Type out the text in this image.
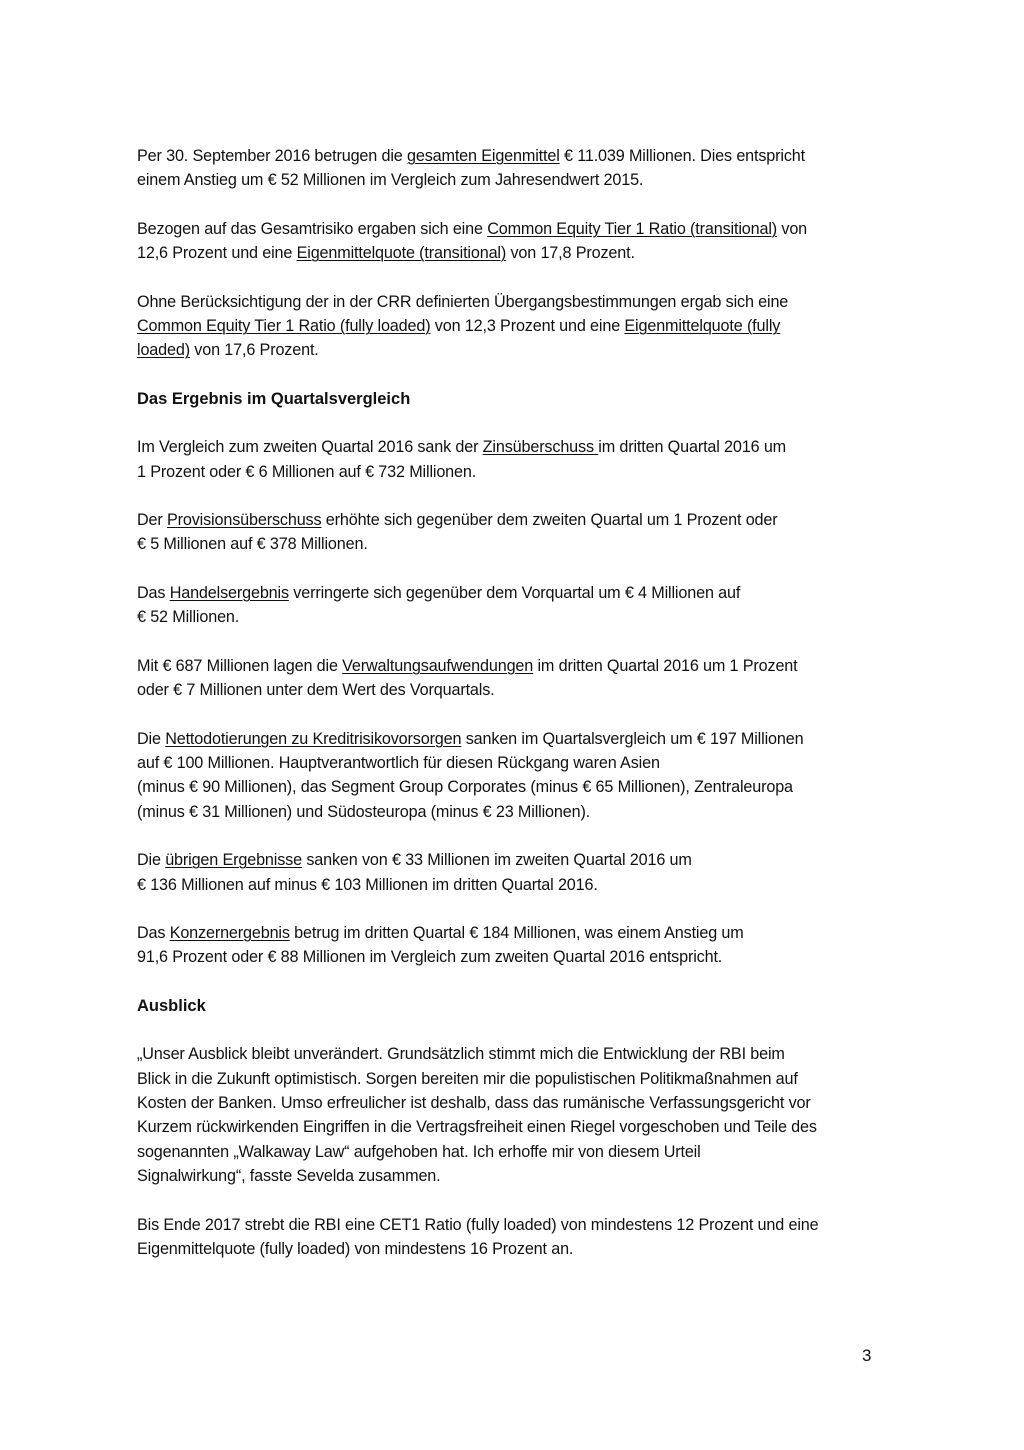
Per 30. September 2016 betrugen die gesamten Eigenmittel € 11.039 Millionen. Dies entspricht
einem Anstieg um € 52 Millionen im Vergleich zum Jahresendwert 2015.

Bezogen auf das Gesamtrisiko ergaben sich eine Common Equity Tier 1 Ratio (transitional) von
12,6 Prozent und eine Eigenmittelquote (transitional) von 17,8 Prozent.

Ohne Berücksichtigung der in der CRR definierten Übergangsbestimmungen ergab sich eine
Common Equity Tier 1 Ratio (fully loaded) von 12,3 Prozent und eine Eigenmittelquote (fully
loaded) von 17,6 Prozent.

Das Ergebnis im Quartalsvergleich

Im Vergleich zum zweiten Quartal 2016 sank der Zinsüberschuss im dritten Quartal 2016 um
1 Prozent oder € 6 Millionen auf € 732 Millionen.

Der Provisionsüberschuss erhöhte sich gegenüber dem zweiten Quartal um 1 Prozent oder
€ 5 Millionen auf € 378 Millionen.

Das Handelsergebnis verringerte sich gegenüber dem Vorquartal um € 4 Millionen auf
€ 52 Millionen.

Mit € 687 Millionen lagen die Verwaltungsaufwendungen im dritten Quartal 2016 um 1 Prozent
oder € 7 Millionen unter dem Wert des Vorquartals.

Die Nettodotierungen zu Kreditrisikovorsorgen sanken im Quartalsvergleich um € 197 Millionen
auf € 100 Millionen. Hauptverantwortlich für diesen Rückgang waren Asien
(minus € 90 Millionen), das Segment Group Corporates (minus € 65 Millionen), Zentraleuropa
(minus € 31 Millionen) und Südosteuropa (minus € 23 Millionen).

Die übrigen Ergebnisse sanken von € 33 Millionen im zweiten Quartal 2016 um
€ 136 Millionen auf minus € 103 Millionen im dritten Quartal 2016.

Das Konzernergebnis betrug im dritten Quartal € 184 Millionen, was einem Anstieg um
91,6 Prozent oder € 88 Millionen im Vergleich zum zweiten Quartal 2016 entspricht.

Ausblick

„Unser Ausblick bleibt unverändert. Grundsätzlich stimmt mich die Entwicklung der RBI beim
Blick in die Zukunft optimistisch. Sorgen bereiten mir die populistischen Politikmaßnahmen auf
Kosten der Banken. Umso erfreulicher ist deshalb, dass das rumänische Verfassungsgericht vor
Kurzem rückwirkenden Eingriffen in die Vertragsfreiheit einen Riegel vorgeschoben und Teile des
sogenannten „Walkaway Law“ aufgehoben hat. Ich erhoffe mir von diesem Urteil
Signalwirkung“, fasste Sevelda zusammen.

Bis Ende 2017 strebt die RBI eine CET1 Ratio (fully loaded) von mindestens 12 Prozent und eine
Eigenmittelquote (fully loaded) von mindestens 16 Prozent an.

3
